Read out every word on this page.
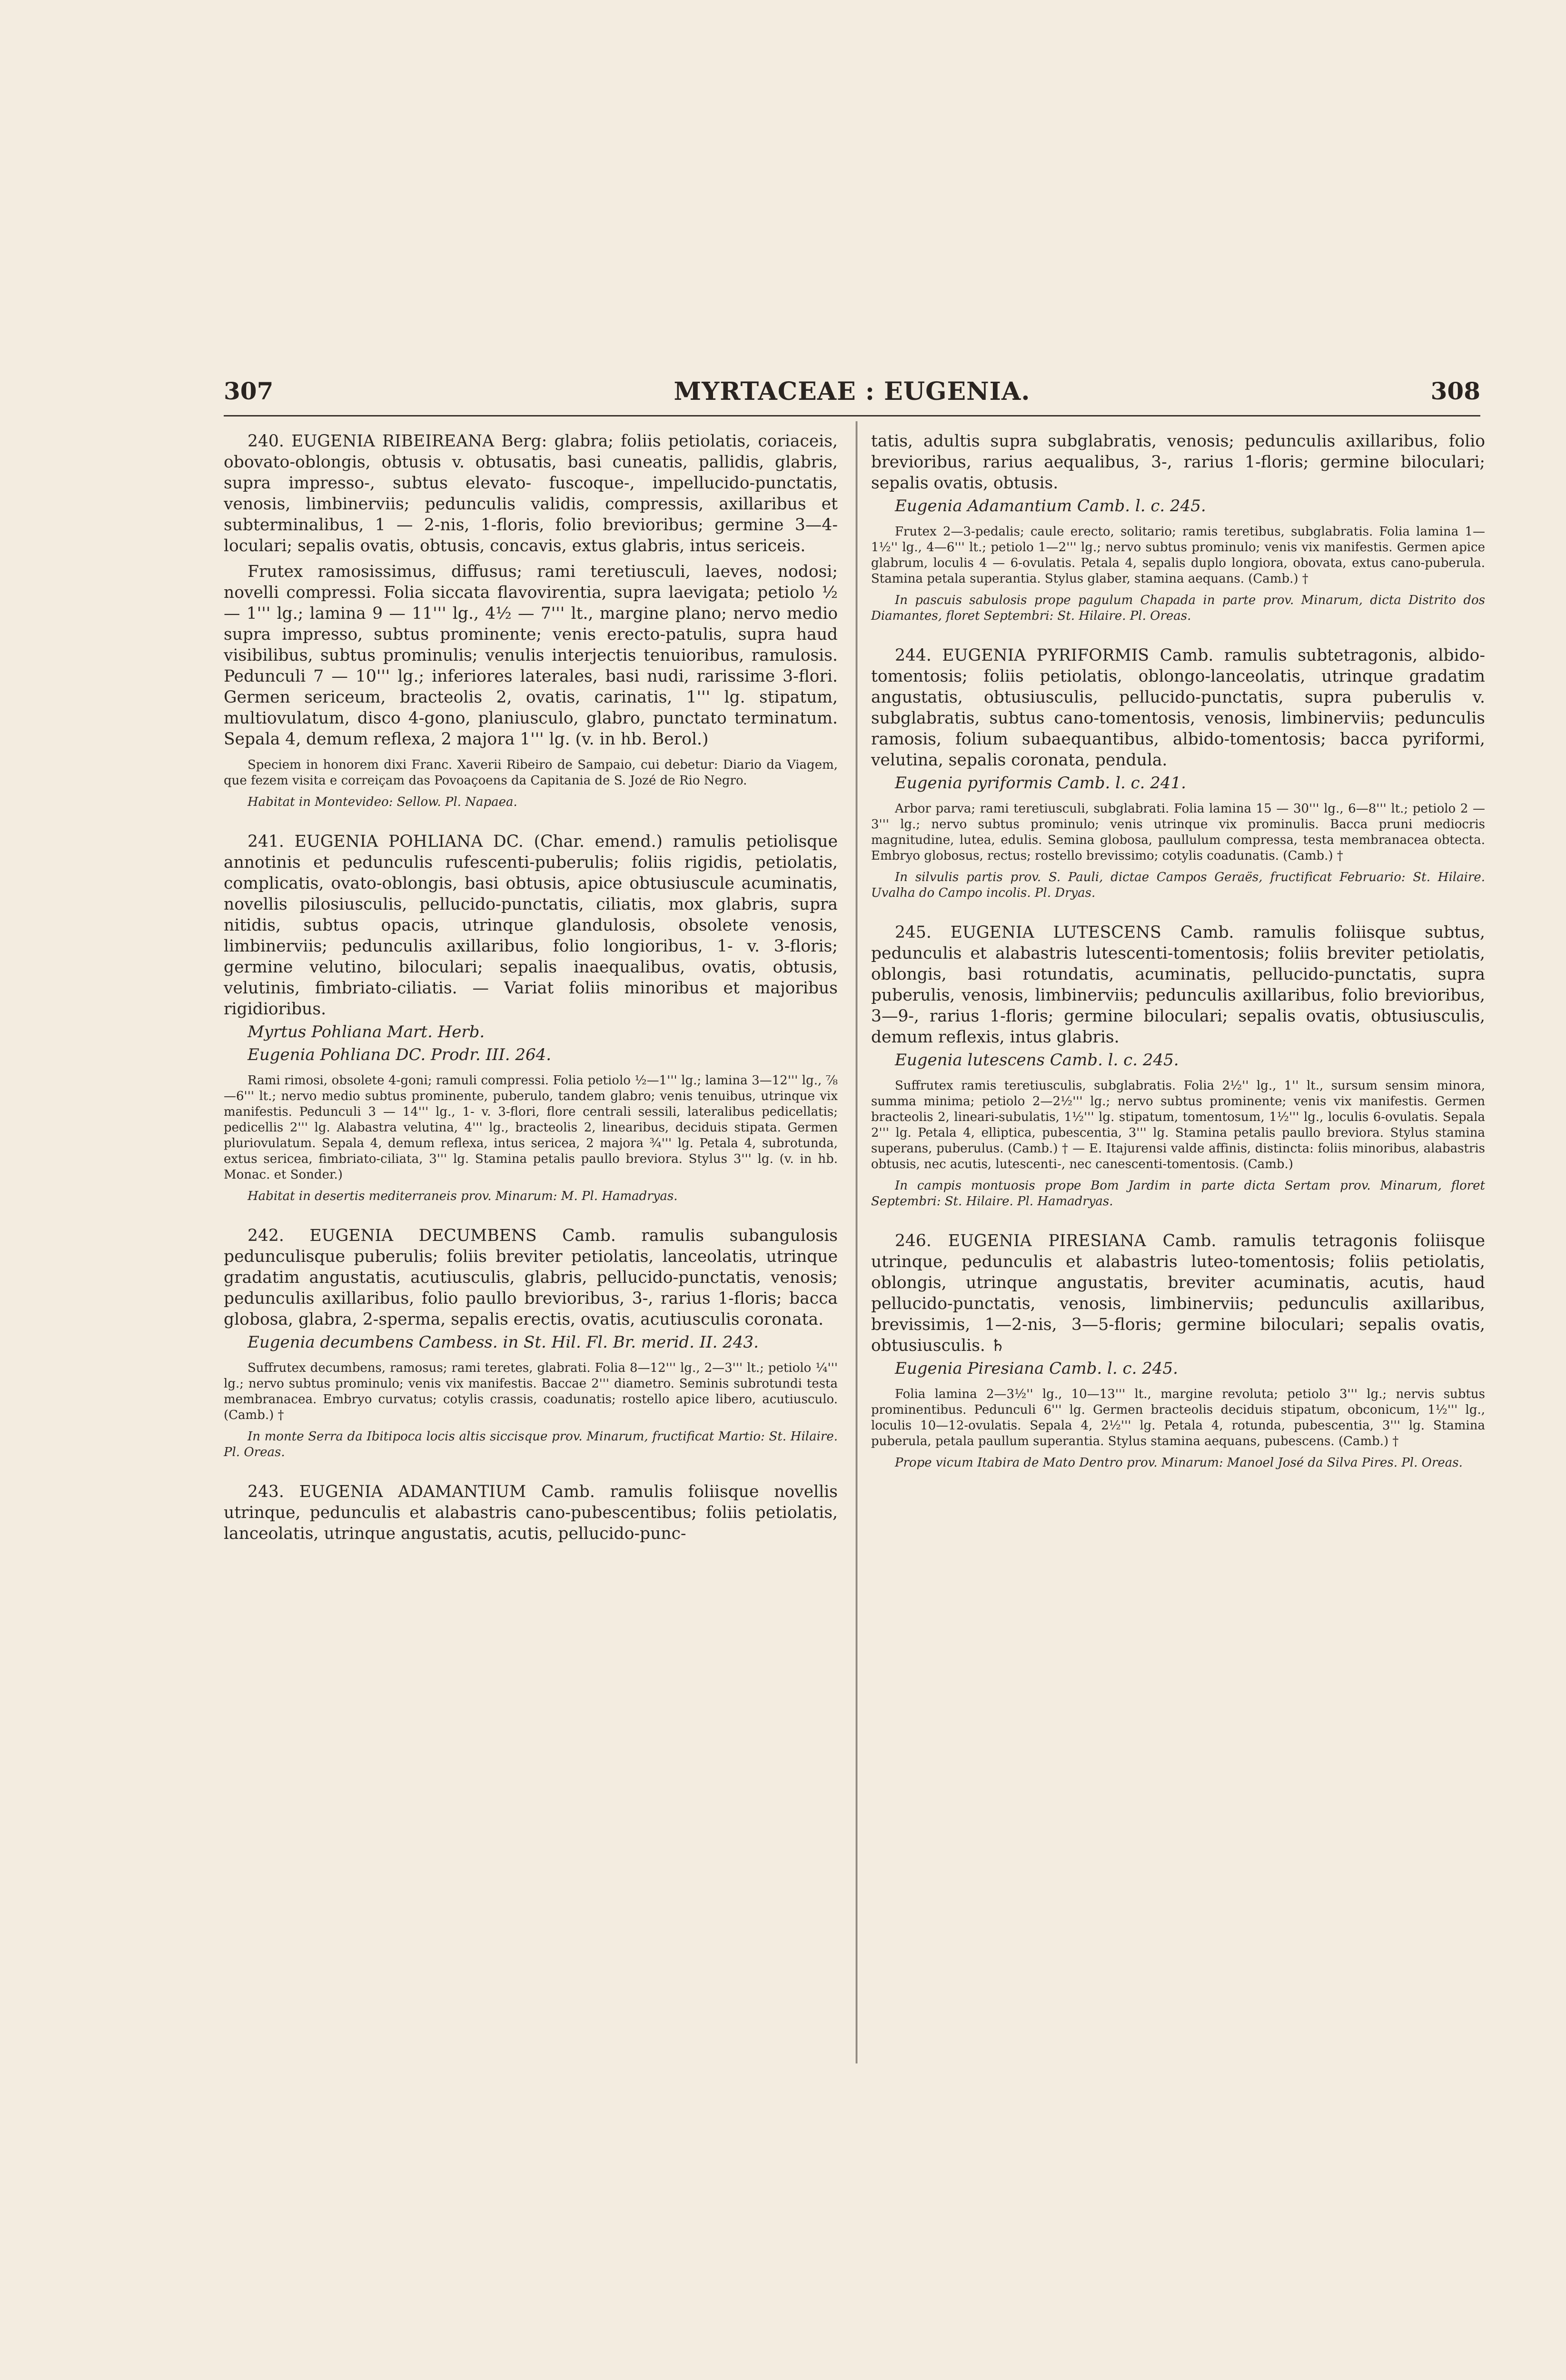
307	MYRTACEAE : EUGENIA.	308

240. EUGENIA RIBEIREANA Berg: glabra; foliis petiolatis, coriaceis, obovato-oblongis, obtusis v. obtusatis, basi cuneatis, pallidis, glabris, supra impresso-, subtus elevato- fuscoque-, impellucido-punctatis, venosis, limbinerviis; pedunculis validis, compressis, axillaribus et subterminalibus, 1 — 2-nis, 1-floris, folio brevioribus; germine 3—4-loculari; sepalis ovatis, obtusis, concavis, extus glabris, intus sericeis.

Frutex ramosissimus, diffusus; rami teretiusculi, laeves, nodosi; novelli compressi. Folia siccata flavovirentia, supra laevigata; petiolo ½ — 1''' lg.; lamina 9 — 11''' lg., 4½ — 7''' lt., margine plano; nervo medio supra impresso, subtus prominente; venis erecto-patulis, supra haud visibilibus, subtus prominulis; venulis interjectis tenuioribus, ramulosis. Pedunculi 7 — 10''' lg.; inferiores laterales, basi nudi, rarissime 3-flori. Germen sericeum, bracteolis 2, ovatis, carinatis, 1''' lg. stipatum, multiovulatum, disco 4-gono, planiusculo, glabro, punctato terminatum. Sepala 4, demum reflexa, 2 majora 1''' lg. (v. in hb. Berol.)

Speciem in honorem dixi Franc. Xaverii Ribeiro de Sampaio, cui debetur: Diario da Viagem, que fezem visita e correiçam das Povoaçoens da Capitania de S. Jozé de Rio Negro.

Habitat in Montevideo: Sellow. Pl. Napaea.

241. EUGENIA POHLIANA DC. (Char. emend.) ramulis petiolisque annotinis et pedunculis rufescenti-puberulis; foliis rigidis, petiolatis, complicatis, ovato-oblongis, basi obtusis, apice obtusiuscule acuminatis, novellis pilosiusculis, pellucido-punctatis, ciliatis, mox glabris, supra nitidis, subtus opacis, utrinque glandulosis, obsolete venosis, limbinerviis; pedunculis axillaribus, folio longioribus, 1- v. 3-floris; germine velutino, biloculari; sepalis inaequalibus, ovatis, obtusis, velutinis, fimbriato-ciliatis. — Variat foliis minoribus et majoribus rigidioribus.

Myrtus Pohliana Mart. Herb.

Eugenia Pohliana DC. Prodr. III. 264.

Rami rimosi, obsolete 4-goni; ramuli compressi. Folia petiolo ½—1''' lg.; lamina 3—12''' lg., ⅞—6''' lt.; nervo medio subtus prominente, puberulo, tandem glabro; venis tenuibus, utrinque vix manifestis. Pedunculi 3 — 14''' lg., 1- v. 3-flori, flore centrali sessili, lateralibus pedicellatis; pedicellis 2''' lg. Alabastra velutina, 4''' lg., bracteolis 2, linearibus, deciduis stipata. Germen pluriovulatum. Sepala 4, demum reflexa, intus sericea, 2 majora ¾''' lg. Petala 4, subrotunda, extus sericea, fimbriato-ciliata, 3''' lg. Stamina petalis paullo breviora. Stylus 3''' lg. (v. in hb. Monac. et Sonder.)

Habitat in desertis mediterraneis prov. Minarum: M. Pl. Hamadryas.

242. EUGENIA DECUMBENS Camb. ramulis subangulosis pedunculisque puberulis; foliis breviter petiolatis, lanceolatis, utrinque gradatim angustatis, acutiusculis, glabris, pellucido-punctatis, venosis; pedunculis axillaribus, folio paullo brevioribus, 3-, rarius 1-floris; bacca globosa, glabra, 2-sperma, sepalis erectis, ovatis, acutiusculis coronata.

Eugenia decumbens Cambess. in St. Hil. Fl. Br. merid. II. 243.

Suffrutex decumbens, ramosus; rami teretes, glabrati. Folia 8—12''' lg., 2—3''' lt.; petiolo ¼''' lg.; nervo subtus prominulo; venis vix manifestis. Baccae 2''' diametro. Seminis subrotundi testa membranacea. Embryo curvatus; cotylis crassis, coadunatis; rostello apice libero, acutiusculo. (Camb.) †

In monte Serra da Ibitipoca locis altis siccisque prov. Minarum, fructificat Martio: St. Hilaire. Pl. Oreas.

243. EUGENIA ADAMANTIUM Camb. ramulis foliisque novellis utrinque, pedunculis et alabastris cano-pubescentibus; foliis petiolatis, lanceolatis, utrinque angustatis, acutis, pellucido-punc-

tatis, adultis supra subglabratis, venosis; pedunculis axillaribus, folio brevioribus, rarius aequalibus, 3-, rarius 1-floris; germine biloculari; sepalis ovatis, obtusis.

Eugenia Adamantium Camb. l. c. 245.

Frutex 2—3-pedalis; caule erecto, solitario; ramis teretibus, subglabratis. Folia lamina 1—1½'' lg., 4—6''' lt.; petiolo 1—2''' lg.; nervo subtus prominulo; venis vix manifestis. Germen apice glabrum, loculis 4 — 6-ovulatis. Petala 4, sepalis duplo longiora, obovata, extus cano-puberula. Stamina petala superantia. Stylus glaber, stamina aequans. (Camb.) †

In pascuis sabulosis prope pagulum Chapada in parte prov. Minarum, dicta Distrito dos Diamantes, floret Septembri: St. Hilaire. Pl. Oreas.

244. EUGENIA PYRIFORMIS Camb. ramulis subtetragonis, albido-tomentosis; foliis petiolatis, oblongo-lanceolatis, utrinque gradatim angustatis, obtusiusculis, pellucido-punctatis, supra puberulis v. subglabratis, subtus cano-tomentosis, venosis, limbinerviis; pedunculis ramosis, folium subaequantibus, albido-tomentosis; bacca pyriformi, velutina, sepalis coronata, pendula.

Eugenia pyriformis Camb. l. c. 241.

Arbor parva; rami teretiusculi, subglabrati. Folia lamina 15 — 30''' lg., 6—8''' lt.; petiolo 2 — 3''' lg.; nervo subtus prominulo; venis utrinque vix prominulis. Bacca pruni mediocris magnitudine, lutea, edulis. Semina globosa, paullulum compressa, testa membranacea obtecta. Embryo globosus, rectus; rostello brevissimo; cotylis coadunatis. (Camb.) †

In silvulis partis prov. S. Pauli, dictae Campos Geraës, fructificat Februario: St. Hilaire. Uvalha do Campo incolis. Pl. Dryas.

245. EUGENIA LUTESCENS Camb. ramulis foliisque subtus, pedunculis et alabastris lutescenti-tomentosis; foliis breviter petiolatis, oblongis, basi rotundatis, acuminatis, pellucido-punctatis, supra puberulis, venosis, limbinerviis; pedunculis axillaribus, folio brevioribus, 3—9-, rarius 1-floris; germine biloculari; sepalis ovatis, obtusiusculis, demum reflexis, intus glabris.

Eugenia lutescens Camb. l. c. 245.

Suffrutex ramis teretiusculis, subglabratis. Folia 2½'' lg., 1'' lt., sursum sensim minora, summa minima; petiolo 2—2½''' lg.; nervo subtus prominente; venis vix manifestis. Germen bracteolis 2, lineari-subulatis, 1½''' lg. stipatum, tomentosum, 1½''' lg., loculis 6-ovulatis. Sepala 2''' lg. Petala 4, elliptica, pubescentia, 3''' lg. Stamina petalis paullo breviora. Stylus stamina superans, puberulus. (Camb.) † — E. Itajurensi valde affinis, distincta: foliis minoribus, alabastris obtusis, nec acutis, lutescenti-, nec canescenti-tomentosis. (Camb.)

In campis montuosis prope Bom Jardim in parte dicta Sertam prov. Minarum, floret Septembri: St. Hilaire. Pl. Hamadryas.

246. EUGENIA PIRESIANA Camb. ramulis tetragonis foliisque utrinque, pedunculis et alabastris luteo-tomentosis; foliis petiolatis, oblongis, utrinque angustatis, breviter acuminatis, acutis, haud pellucido-punctatis, venosis, limbinerviis; pedunculis axillaribus, brevissimis, 1—2-nis, 3—5-floris; germine biloculari; sepalis ovatis, obtusiusculis. ♄

Eugenia Piresiana Camb. l. c. 245.

Folia lamina 2—3½'' lg., 10—13''' lt., margine revoluta; petiolo 3''' lg.; nervis subtus prominentibus. Pedunculi 6''' lg. Germen bracteolis deciduis stipatum, obconicum, 1½''' lg., loculis 10—12-ovulatis. Sepala 4, 2½''' lg. Petala 4, rotunda, pubescentia, 3''' lg. Stamina puberula, petala paullum superantia. Stylus stamina aequans, pubescens. (Camb.) †

Prope vicum Itabira de Mato Dentro prov. Minarum: Manoel José da Silva Pires. Pl. Oreas.
